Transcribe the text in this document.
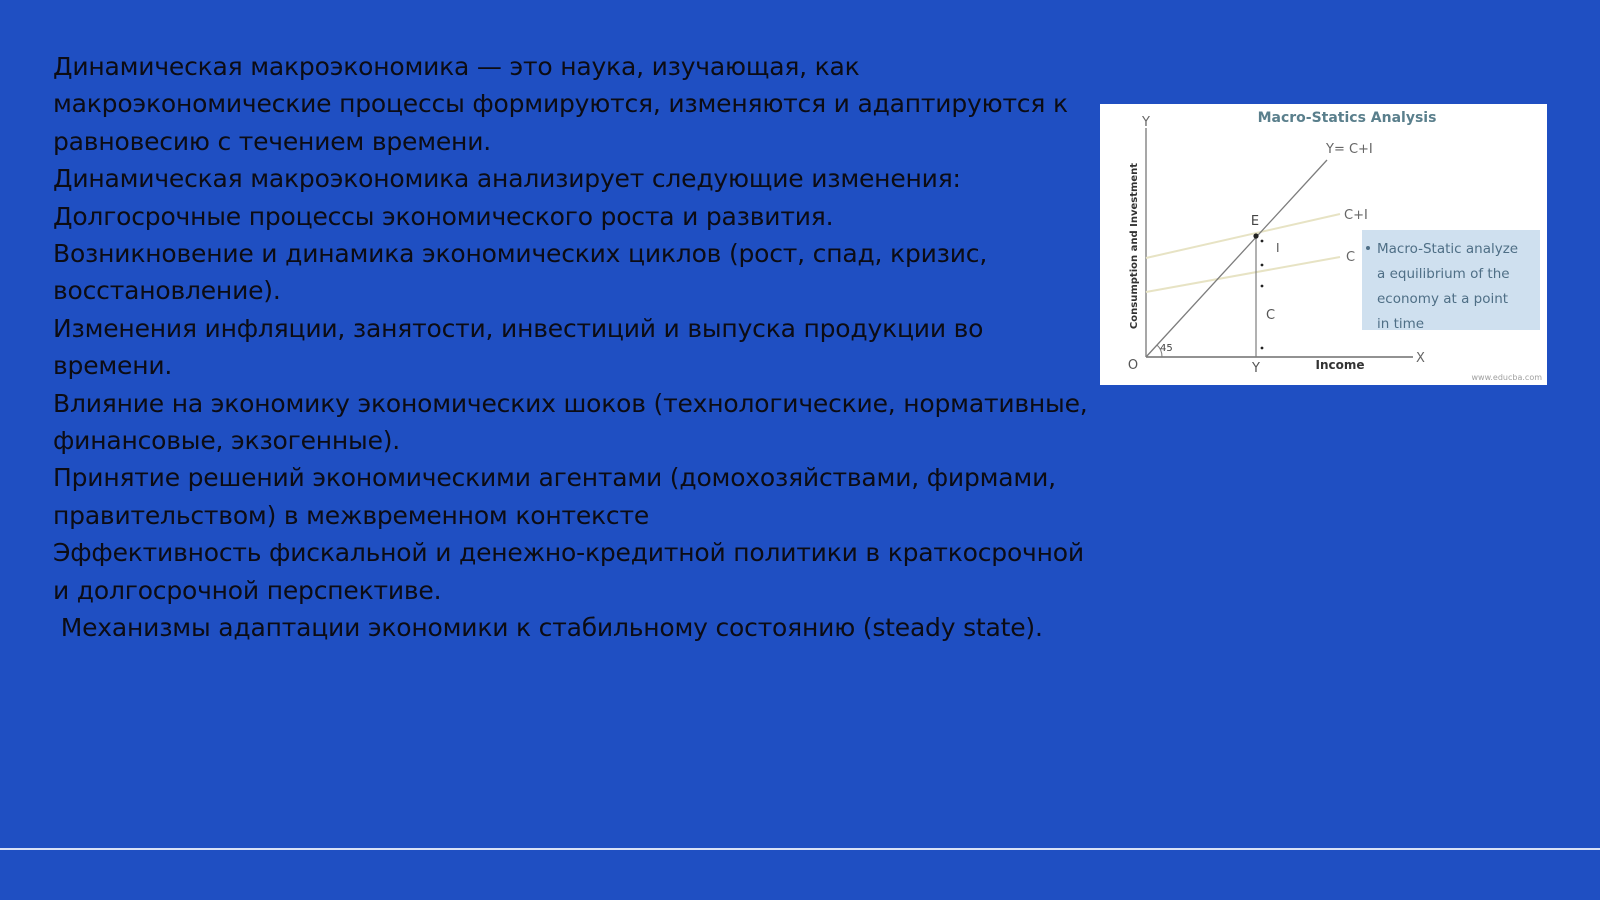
Динамическая макроэкономика — это наука, изучающая, как макроэкономические процессы формируются, изменяются и адаптируются к равновесию с течением времени.

Динамическая макроэкономика анализирует следующие изменения:

Долгосрочные процессы экономического роста и развития.

Возникновение и динамика экономических циклов (рост, спад, кризис, восстановление).

Изменения инфляции, занятости, инвестиций и выпуска продукции во времени.

Влияние на экономику экономических шоков (технологические, нормативные, финансовые, экзогенные).

Принятие решений экономическими агентами (домохозяйствами, фирмами, правительством) в межвременном контексте

Эффективность фискальной и денежно-кредитной политики в краткосрочной и долгосрочной перспективе.

Механизмы адаптации экономики к стабильному состоянию (steady state).

Macro-Statics Analysis
Y
X
O
Consumption and Investment
Income
45
E
I
C
Y
Y= C+I
C+I
C
Macro-Static analyze a equilibrium of the economy at a point in time
www.educba.com
